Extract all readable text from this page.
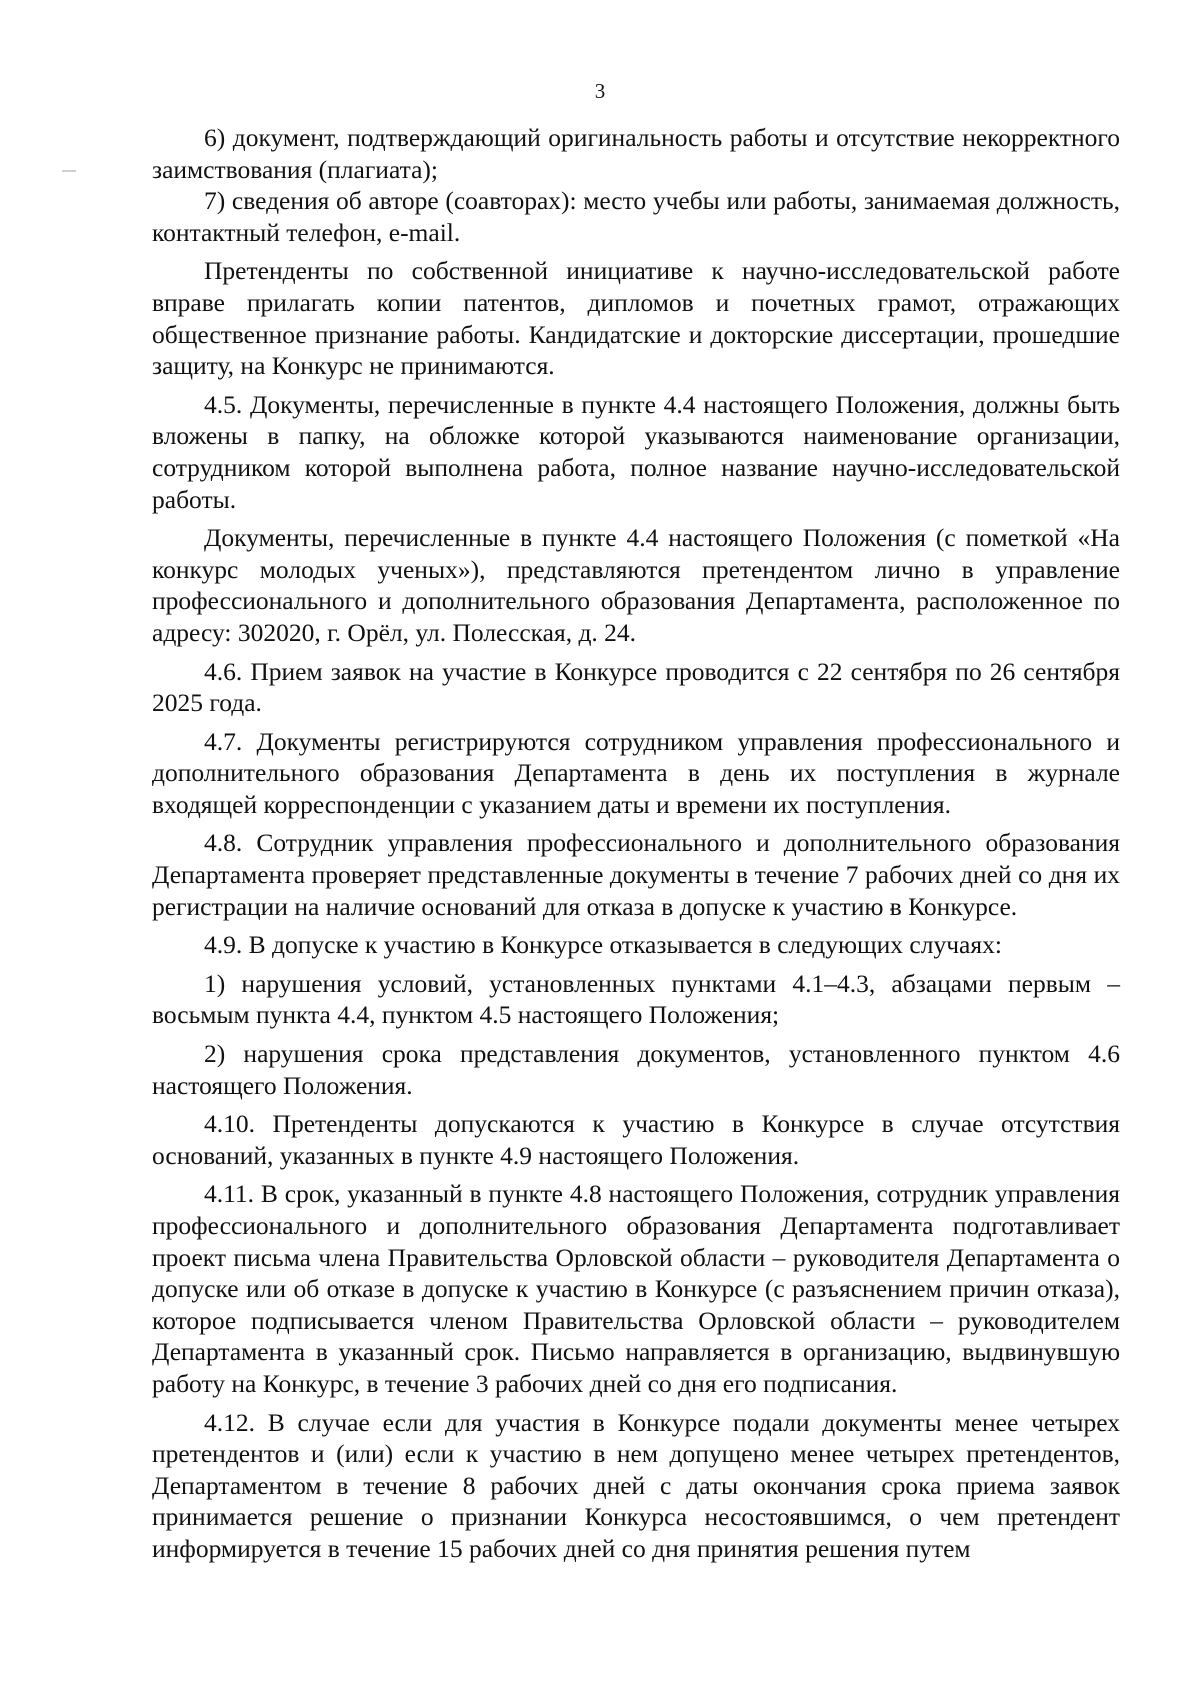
3

6) документ, подтверждающий оригинальность работы и отсутствие некорректного заимствования (плагиата);

7) сведения об авторе (соавторах): место учебы или работы, занимаемая должность, контактный телефон, e-mail.

Претенденты по собственной инициативе к научно-исследовательской работе вправе прилагать копии патентов, дипломов и почетных грамот, отражающих общественное признание работы. Кандидатские и докторские диссертации, прошедшие защиту, на Конкурс не принимаются.

4.5. Документы, перечисленные в пункте 4.4 настоящего Положения, должны быть вложены в папку, на обложке которой указываются наименование организации, сотрудником которой выполнена работа, полное название научно-исследовательской работы.

Документы, перечисленные в пункте 4.4 настоящего Положения (с пометкой «На конкурс молодых ученых»), представляются претендентом лично в управление профессионального и дополнительного образования Департамента, расположенное по адресу: 302020, г. Орёл, ул. Полесская, д. 24.

4.6. Прием заявок на участие в Конкурсе проводится с 22 сентября по 26 сентября 2025 года.

4.7. Документы регистрируются сотрудником управления профессионального и дополнительного образования Департамента в день их поступления в журнале входящей корреспонденции с указанием даты и времени их поступления.

4.8. Сотрудник управления профессионального и дополнительного образования Департамента проверяет представленные документы в течение 7 рабочих дней со дня их регистрации на наличие оснований для отказа в допуске к участию в Конкурсе.

4.9. В допуске к участию в Конкурсе отказывается в следующих случаях:

1) нарушения условий, установленных пунктами 4.1–4.3, абзацами первым – восьмым пункта 4.4, пунктом 4.5 настоящего Положения;

2) нарушения срока представления документов, установленного пунктом 4.6 настоящего Положения.

4.10. Претенденты допускаются к участию в Конкурсе в случае отсутствия оснований, указанных в пункте 4.9 настоящего Положения.

4.11. В срок, указанный в пункте 4.8 настоящего Положения, сотрудник управления профессионального и дополнительного образования Департамента подготавливает проект письма члена Правительства Орловской области – руководителя Департамента о допуске или об отказе в допуске к участию в Конкурсе (с разъяснением причин отказа), которое подписывается членом Правительства Орловской области – руководителем Департамента в указанный срок. Письмо направляется в организацию, выдвинувшую работу на Конкурс, в течение 3 рабочих дней со дня его подписания.

4.12. В случае если для участия в Конкурсе подали документы менее четырех претендентов и (или) если к участию в нем допущено менее четырех претендентов, Департаментом в течение 8 рабочих дней с даты окончания срока приема заявок принимается решение о признании Конкурса несостоявшимся, о чем претендент информируется в течение 15 рабочих дней со дня принятия решения путем
